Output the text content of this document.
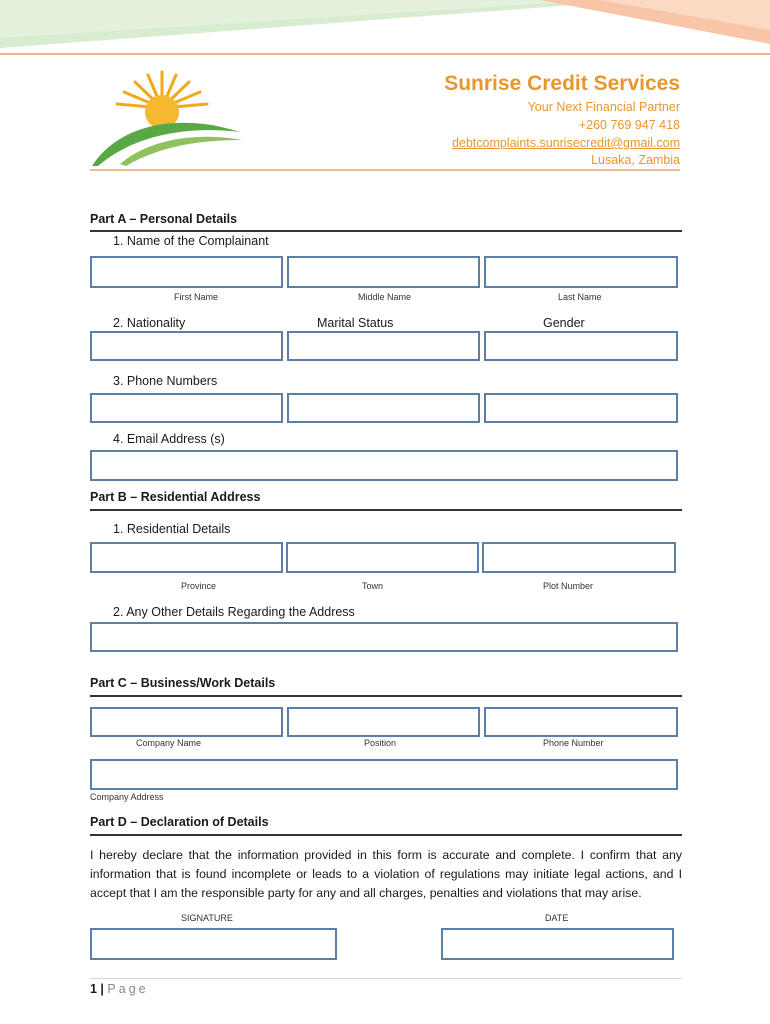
Sunrise Credit Services
Your Next Financial Partner
+260 769 947 418
debtcomplaints.sunrisecredit@gmail.com
Lusaka, Zambia
Part A – Personal Details
1. Name of the Complainant
First Name	Middle Name	Last Name
2. Nationality	Marital Status	Gender
3. Phone Numbers
4. Email Address (s)
Part B – Residential Address
1. Residential Details
Province	Town	Plot Number
2. Any Other Details Regarding the Address
Part C – Business/Work Details
Company Name	Position	Phone Number
Company Address
Part D – Declaration of Details
I hereby declare that the information provided in this form is accurate and complete. I confirm that any information that is found incomplete or leads to a violation of regulations may initiate legal actions, and I accept that I am the responsible party for any and all charges, penalties and violations that may arise.
SIGNATURE	DATE
1 | Page
